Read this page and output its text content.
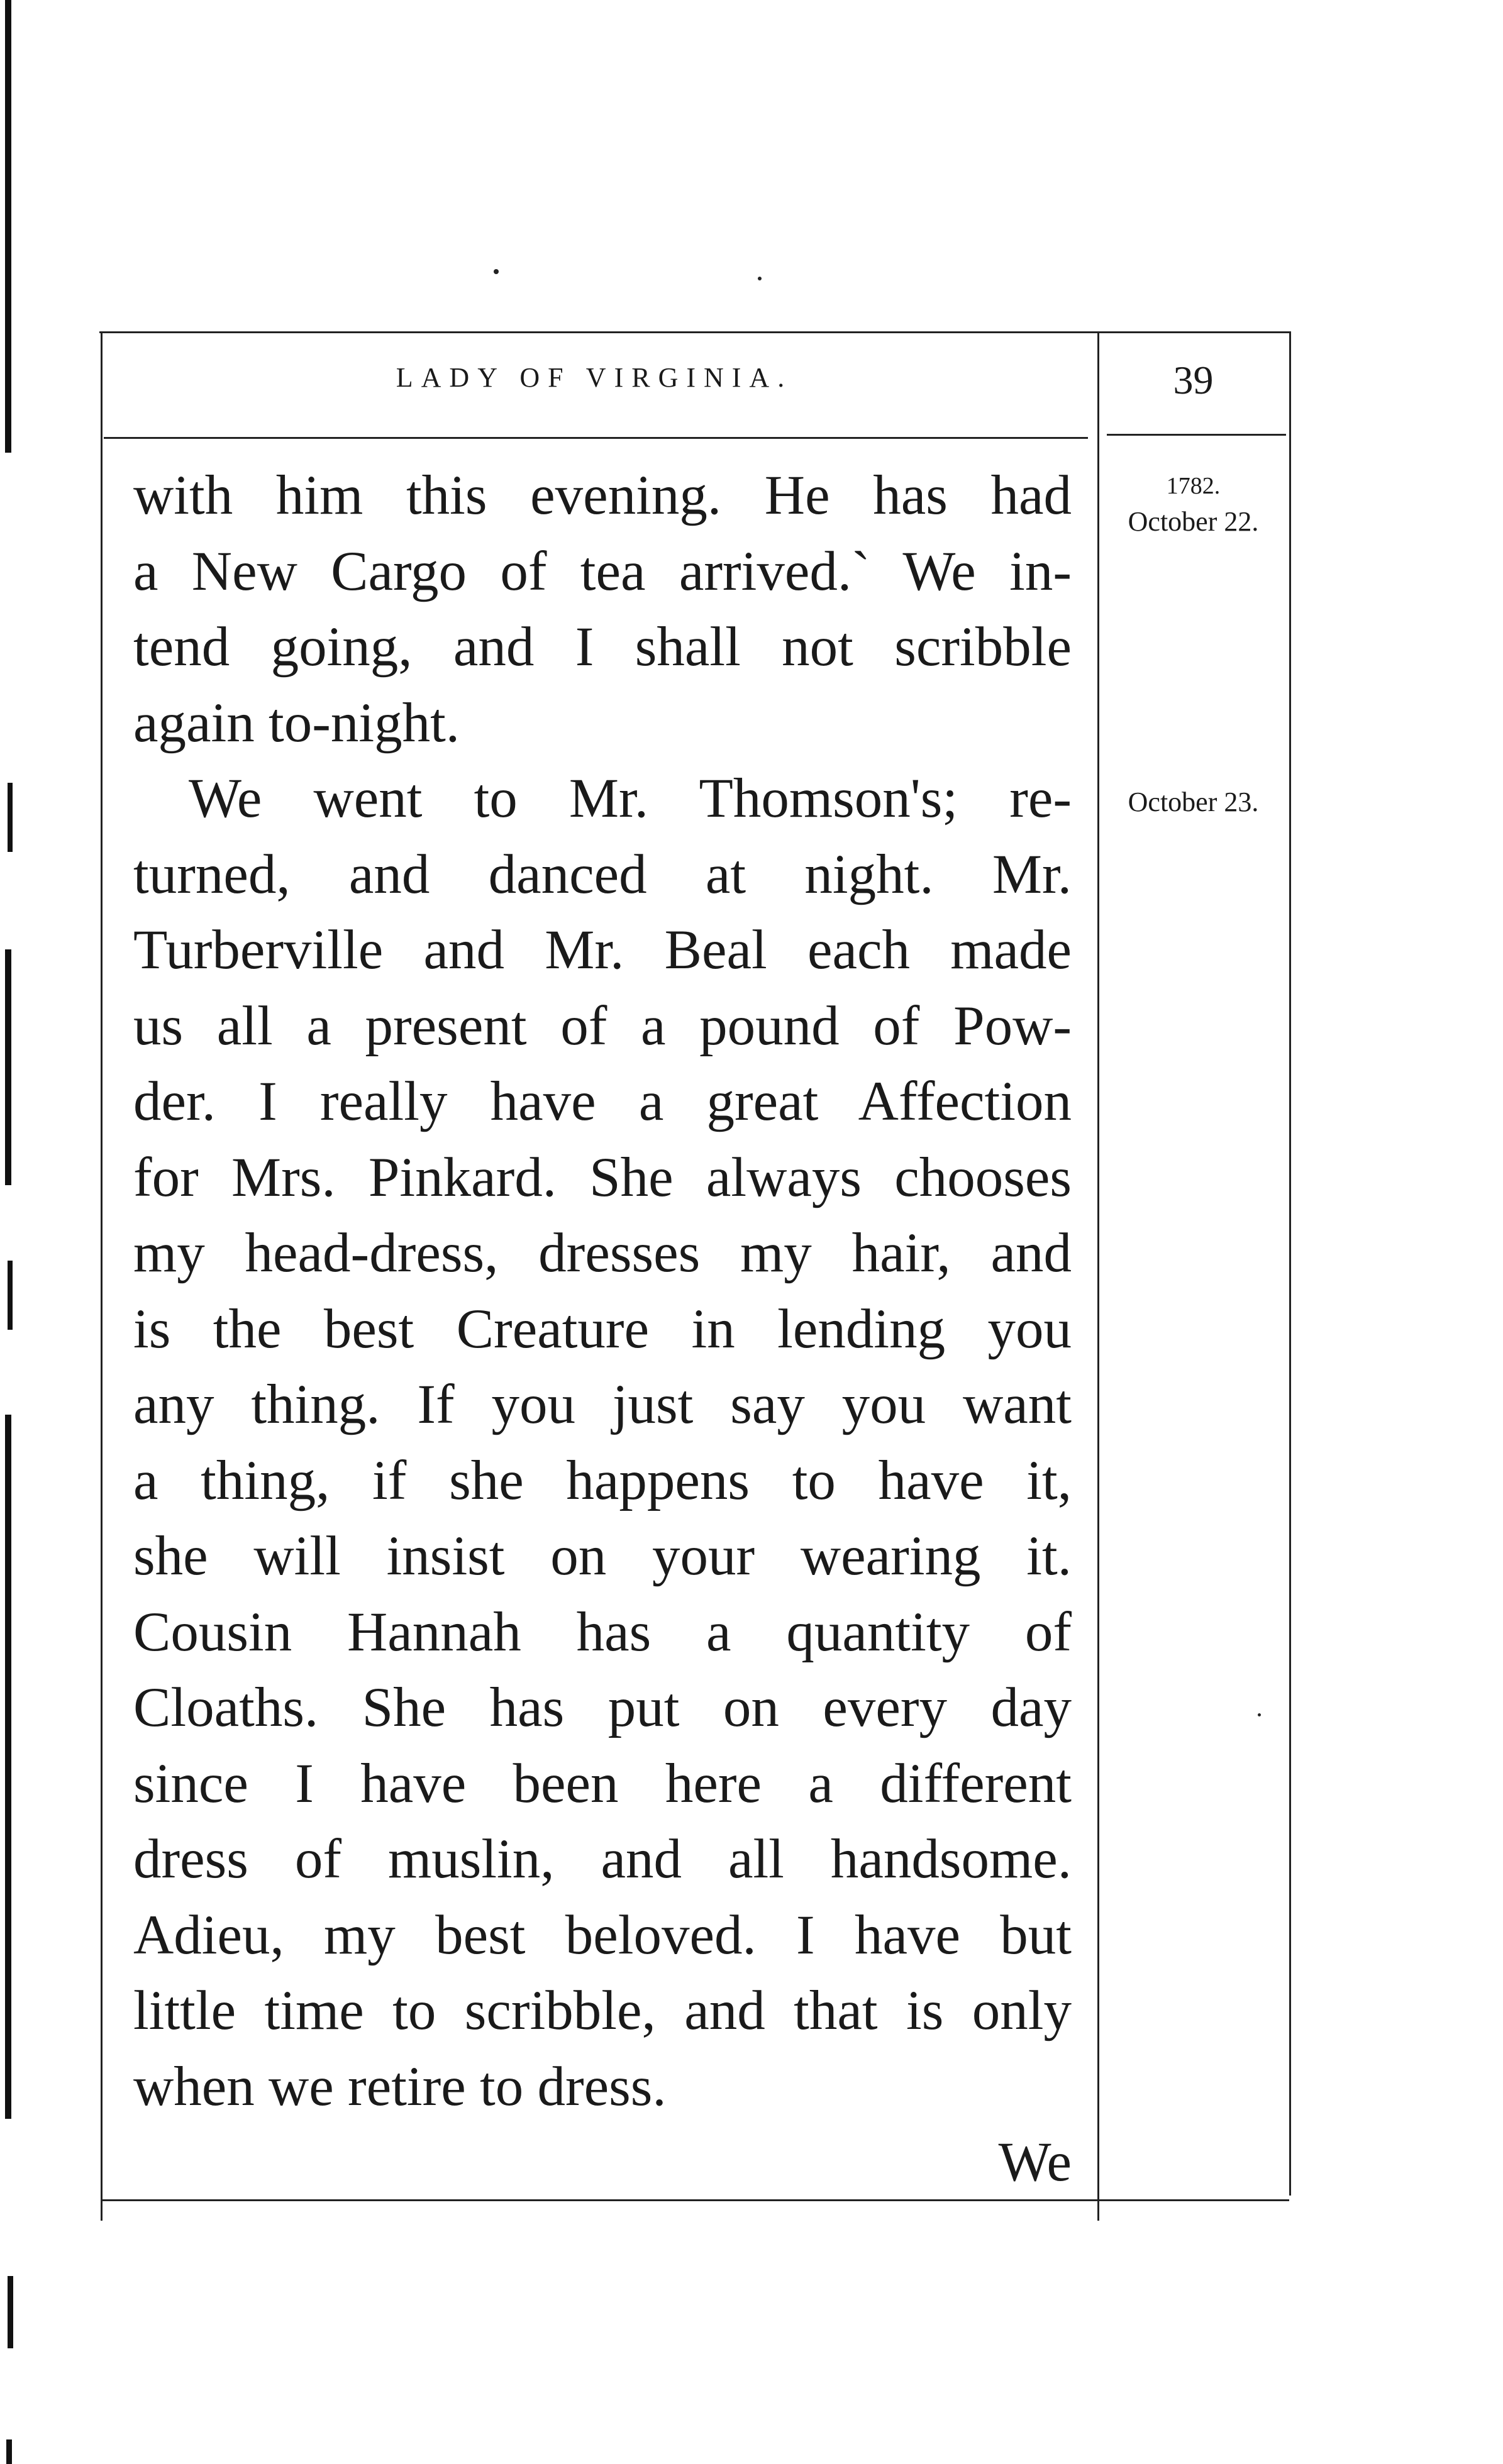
LADY OF VIRGINIA.	39
1782.
October 22.
October 23.
with him this evening. He has had
a New Cargo of tea arrived.` We in-
tend going, and I shall not scribble
again to-night.
We went to Mr. Thomson's; re-
turned, and danced at night. Mr.
Turberville and Mr. Beal each made
us all a present of a pound of Pow-
der. I really have a great Affection
for Mrs. Pinkard. She always chooses
my head-dress, dresses my hair, and
is the best Creature in lending you
any thing. If you just say you want
a thing, if she happens to have it,
she will insist on your wearing it.
Cousin Hannah has a quantity of
Cloaths. She has put on every day
since I have been here a different
dress of muslin, and all handsome.
Adieu, my best beloved. I have but
little time to scribble, and that is only
when we retire to dress.
We
